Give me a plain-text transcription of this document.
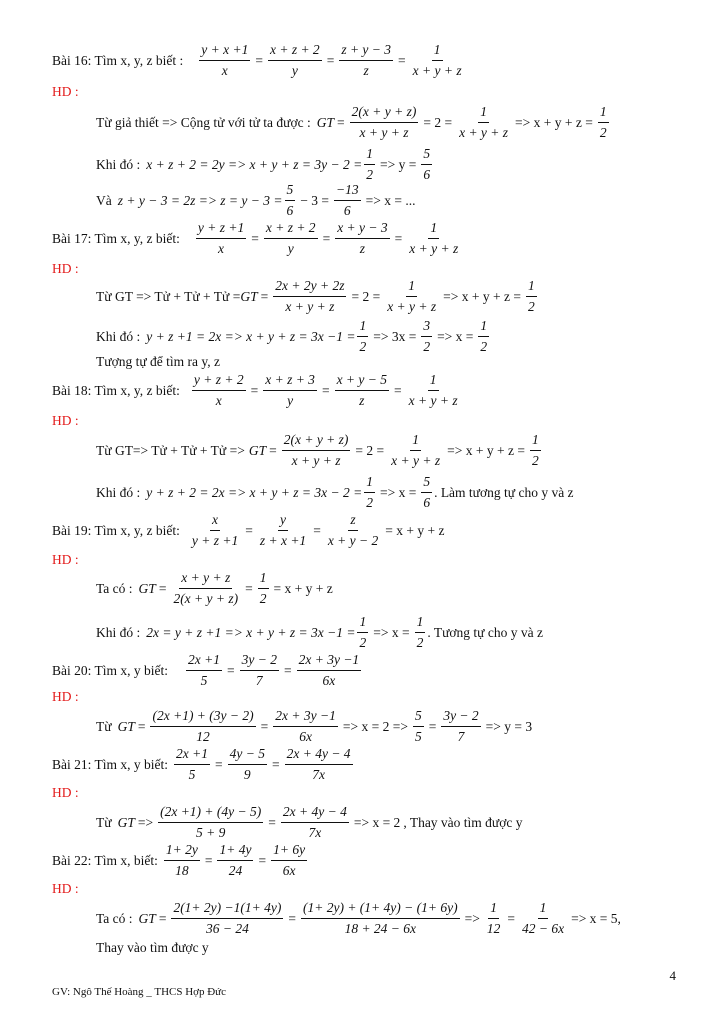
Bài 16: Tìm x, y, z biết : $\frac{y + x +1}{x} = \frac{x + z + 2}{y} = \frac{z + y - 3}{z} = \frac{1}{x + y + z}$
HD :
Từ giả thiết => Cộng tử với tử ta được : GT = $\frac{2(x + y + z)}{x + y + z} = 2 = \frac{1}{x + y + z} => x + y + z = \frac{1}{2}$
Khi đó : $x + z + 2 = 2y => x + y + z = 3y - 2 = \frac{1}{2} => y = \frac{5}{6}$
Và $z + y - 3 = 2z => z = y - 3 = \frac{5}{6} - 3 = \frac{-13}{6} => x$ = ...
Bài 17: Tìm x, y, z biết: $\frac{y + z +1}{x} = \frac{x + z + 2}{y} = \frac{x + y - 3}{z} = \frac{1}{x + y + z}$
HD :
Từ GT => Tử + Tử + Tử = GT = $\frac{2x + 2y + 2z}{x + y + z} = 2 = \frac{1}{x + y + z} => x + y + z = \frac{1}{2}$
Khi đó : $y + z +1 = 2x => x + y + z = 3x -1 = \frac{1}{2} => 3x = \frac{3}{2} => x = \frac{1}{2}$
Tượng tự để tìm ra y, z
Bài 18: Tìm x, y, z biết: $\frac{y + z + 2}{x} = \frac{x + z + 3}{y} = \frac{x + y - 5}{z} = \frac{1}{x + y + z}$
HD :
Từ GT=> Tử + Tử + Tử => GT = $\frac{2(x + y + z)}{x + y + z} = 2 = \frac{1}{x + y + z} => x + y + z = \frac{1}{2}$
Khi đó : $y + z + 2 = 2x => x + y + z = 3x - 2 = \frac{1}{2} => x = \frac{5}{6}$ . Làm tương tự cho y và z
Bài 19: Tìm x, y, z biết: $\frac{x}{y + z +1} = \frac{y}{z + x +1} = \frac{z}{x + y - 2} = x + y + z$
HD :
Ta có : GT = $\frac{x + y + z}{2(x + y + z)} = \frac{1}{2} = x + y + z$
Khi đó : $2x = y + z +1 => x + y + z = 3x -1 = \frac{1}{2} => x = \frac{1}{2}$ . Tương tự cho y và z
Bài 20: Tìm x, y biết: $\frac{2x +1}{5} = \frac{3y - 2}{7} = \frac{2x + 3y -1}{6x}$
HD :
Từ GT = $\frac{(2x +1) + (3y - 2)}{12} = \frac{2x + 3y -1}{6x} => x = 2 => \frac{5}{5} = \frac{3y - 2}{7} => y = 3$
Bài 21: Tìm x, y biết: $\frac{2x +1}{5} = \frac{4y - 5}{9} = \frac{2x + 4y - 4}{7x}$
HD :
Từ GT => $\frac{(2x +1) + (4y - 5)}{5 + 9} = \frac{2x + 4y - 4}{7x} => x = 2$ , Thay vào tìm được y
Bài 22: Tìm x, biết: $\frac{1+ 2y}{18} = \frac{1+ 4y}{24} = \frac{1+ 6y}{6x}$
HD :
Ta có : GT = $\frac{2(1+ 2y) -1(1+ 4y)}{36 - 24} = \frac{(1+ 2y) + (1+ 4y) - (1+ 6y)}{18 + 24 - 6x} => \frac{1}{12} = \frac{1}{42 - 6x} => x = 5$,
Thay vào tìm được y
4
GV: Ngô Thế Hoàng _ THCS Hợp Đức
